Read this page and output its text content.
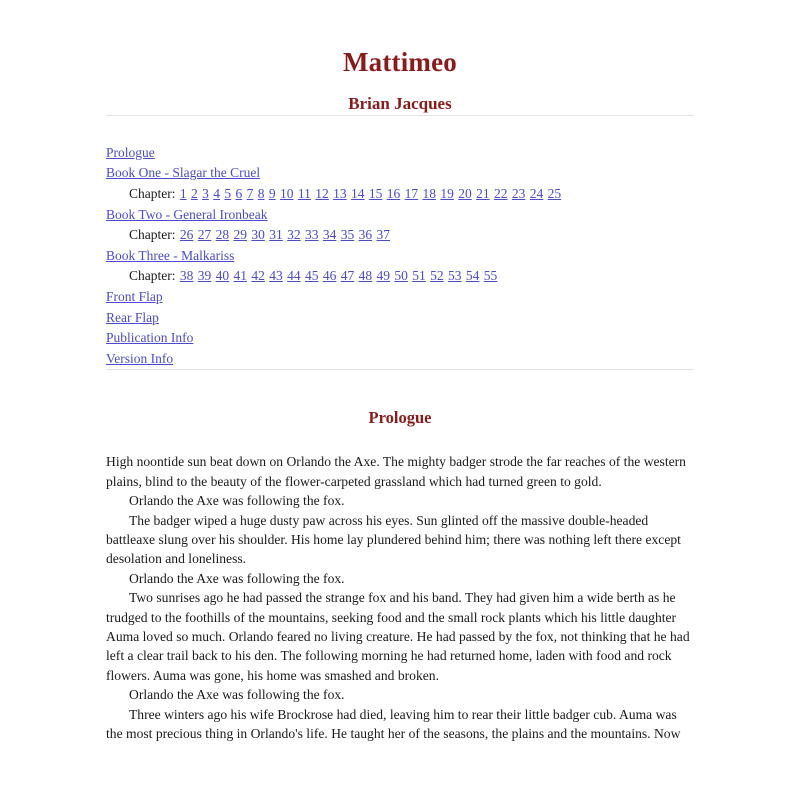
Mattimeo
Brian Jacques
Prologue
Book One - Slagar the Cruel
Chapter: 1 2 3 4 5 6 7 8 9 10 11 12 13 14 15 16 17 18 19 20 21 22 23 24 25
Book Two - General Ironbeak
Chapter: 26 27 28 29 30 31 32 33 34 35 36 37
Book Three - Malkariss
Chapter: 38 39 40 41 42 43 44 45 46 47 48 49 50 51 52 53 54 55
Front Flap
Rear Flap
Publication Info
Version Info
Prologue

High noontide sun beat down on Orlando the Axe. The mighty badger strode the far reaches of the western plains, blind to the beauty of the flower-carpeted grassland which had turned green to gold.

Orlando the Axe was following the fox.

The badger wiped a huge dusty paw across his eyes. Sun glinted off the massive double-headed battleaxe slung over his shoulder. His home lay plundered behind him; there was nothing left there except desolation and loneliness.

Orlando the Axe was following the fox.

Two sunrises ago he had passed the strange fox and his band. They had given him a wide berth as he trudged to the foothills of the mountains, seeking food and the small rock plants which his little daughter Auma loved so much. Orlando feared no living creature. He had passed by the fox, not thinking that he had left a clear trail back to his den. The following morning he had returned home, laden with food and rock flowers. Auma was gone, his home was smashed and broken.

Orlando the Axe was following the fox.

Three winters ago his wife Brockrose had died, leaving him to rear their little badger cub. Auma was the most precious thing in Orlando's life. He taught her of the seasons, the plains and the mountains. Now
